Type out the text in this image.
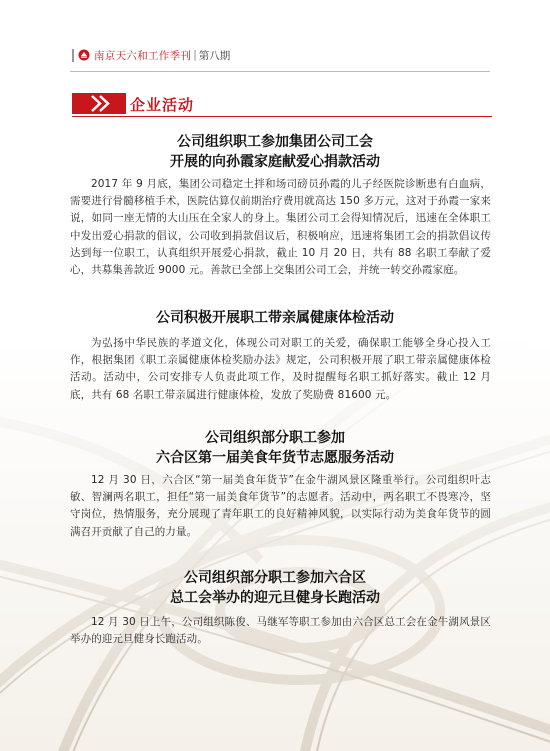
南京天六和工作季刊 | 第八期
企业活动
公司组织职工参加集团公司工会
开展的向孙霞家庭献爱心捐款活动
2017 年 9 月底，集团公司稳定土拌和场司磅员孙霞的儿子经医院诊断患有白血病，需要进行骨髓移植手术，医院估算仅前期治疗费用就高达 150 多万元，这对于孙霞一家来说，如同一座无情的大山压在全家人的身上。集团公司工会得知情况后，迅速在全体职工中发出爱心捐款的倡议，公司收到捐款倡议后，积极响应，迅速将集团工会的捐款倡议传达到每一位职工，认真组织开展爱心捐款，截止 10 月 20 日，共有 88 名职工奉献了爱心，共募集善款近 9000 元。善款已全部上交集团公司工会，并统一转交孙霞家庭。
公司积极开展职工带亲属健康体检活动
为弘扬中华民族的孝道文化，体现公司对职工的关爱，确保职工能够全身心投入工作，根据集团《职工亲属健康体检奖励办法》规定，公司积极开展了职工带亲属健康体检活动。活动中，公司安排专人负责此项工作，及时提醒每名职工抓好落实。截止 12 月底，共有 68 名职工带亲属进行健康体检，发放了奖励费 81600 元。
公司组织部分职工参加
六合区第一届美食年货节志愿服务活动
12 月 30 日，六合区“第一届美食年货节”在金牛湖风景区隆重举行。公司组织叶志敏、智澜两名职工，担任“第一届美食年货节”的志愿者。活动中，两名职工不畏寒冷，坚守岗位，热情服务，充分展现了青年职工的良好精神风貌，以实际行动为美食年货节的圆满召开贡献了自己的力量。
公司组织部分职工参加六合区
总工会举办的迎元旦健身长跑活动
12 月 30 日上午，公司组织陈俊、马继军等职工参加由六合区总工会在金牛湖风景区举办的迎元旦健身长跑活动。
